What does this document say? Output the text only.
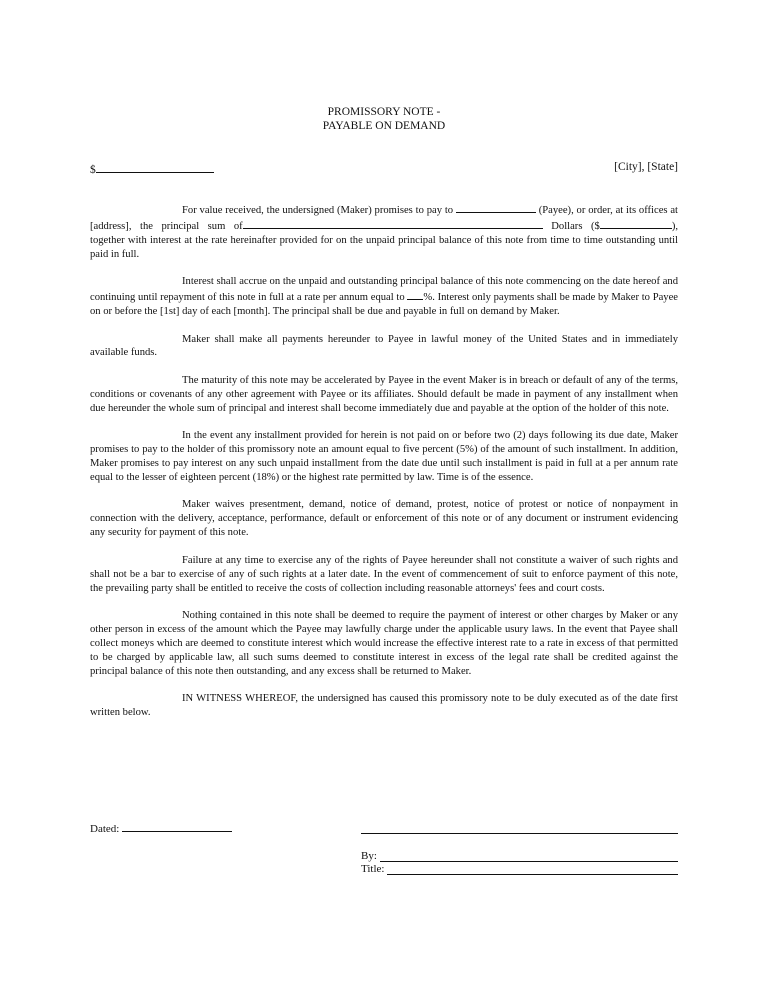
PROMISSORY NOTE -
PAYABLE ON DEMAND
$	[City], [State]

For value received, the undersigned (Maker) promises to pay to	(Payee), or order, at its offices at [address], the principal sum of	Dollars ($	), together with interest at the rate hereinafter provided for on the unpaid principal balance of this note from time to time outstanding until paid in full.

Interest shall accrue on the unpaid and outstanding principal balance of this note commencing on the date hereof and continuing until repayment of this note in full at a rate per annum equal to %. Interest only payments shall be made by Maker to Payee on or before the [1st] day of each [month]. The principal shall be due and payable in full on demand by Maker.

Maker shall make all payments hereunder to Payee in lawful money of the United States and in immediately available funds.

The maturity of this note may be accelerated by Payee in the event Maker is in breach or default of any of the terms, conditions or covenants of any other agreement with Payee or its affiliates. Should default be made in payment of any installment when due hereunder the whole sum of principal and interest shall become immediately due and payable at the option of the holder of this note.

In the event any installment provided for herein is not paid on or before two (2) days following its due date, Maker promises to pay to the holder of this promissory note an amount equal to five percent (5%) of the amount of such installment. In addition, Maker promises to pay interest on any such unpaid installment from the date due until such installment is paid in full at a per annum rate equal to the lesser of eighteen percent (18%) or the highest rate permitted by law. Time is of the essence.

Maker waives presentment, demand, notice of demand, protest, notice of protest or notice of nonpayment in connection with the delivery, acceptance, performance, default or enforcement of this note or of any document or instrument evidencing any security for payment of this note.

Failure at any time to exercise any of the rights of Payee hereunder shall not constitute a waiver of such rights and shall not be a bar to exercise of any of such rights at a later date. In the event of commencement of suit to enforce payment of this note, the prevailing party shall be entitled to receive the costs of collection including reasonable attorneys' fees and court costs.

Nothing contained in this note shall be deemed to require the payment of interest or other charges by Maker or any other person in excess of the amount which the Payee may lawfully charge under the applicable usury laws. In the event that Payee shall collect moneys which are deemed to constitute interest which would increase the effective interest rate to a rate in excess of that permitted to be charged by applicable law, all such sums deemed to constitute interest in excess of the legal rate shall be credited against the principal balance of this note then outstanding, and any excess shall be returned to Maker.

IN WITNESS WHEREOF, the undersigned has caused this promissory note to be duly executed as of the date first written below.

Dated:
By:
Title:
